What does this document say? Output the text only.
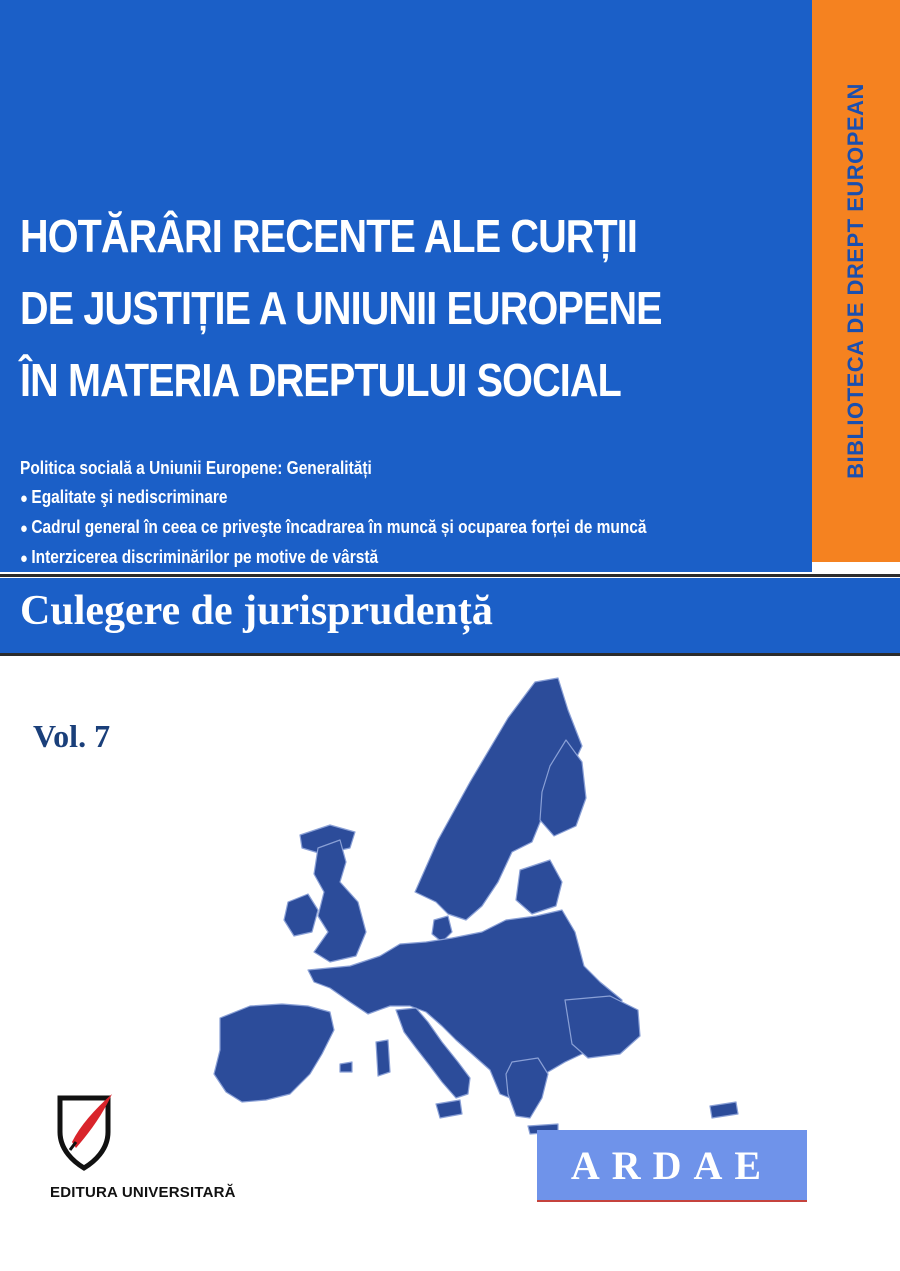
BIBLIOTECA DE DREPT EUROPEAN
HOTĂRÂRI RECENTE ALE CURȚII
DE JUSTIȚIE A UNIUNII EUROPENE
ÎN MATERIA DREPTULUI SOCIAL
Politica socială a Uniunii Europene: Generalități
● Egalitate şi nediscriminare
● Cadrul general în ceea ce priveşte încadrarea în muncă și ocuparea forței de muncă
● Interzicerea discriminărilor pe motive de vârstă
Culegere de jurisprudență
Vol. 7
EDITURA UNIVERSITARĂ
ARDAE
